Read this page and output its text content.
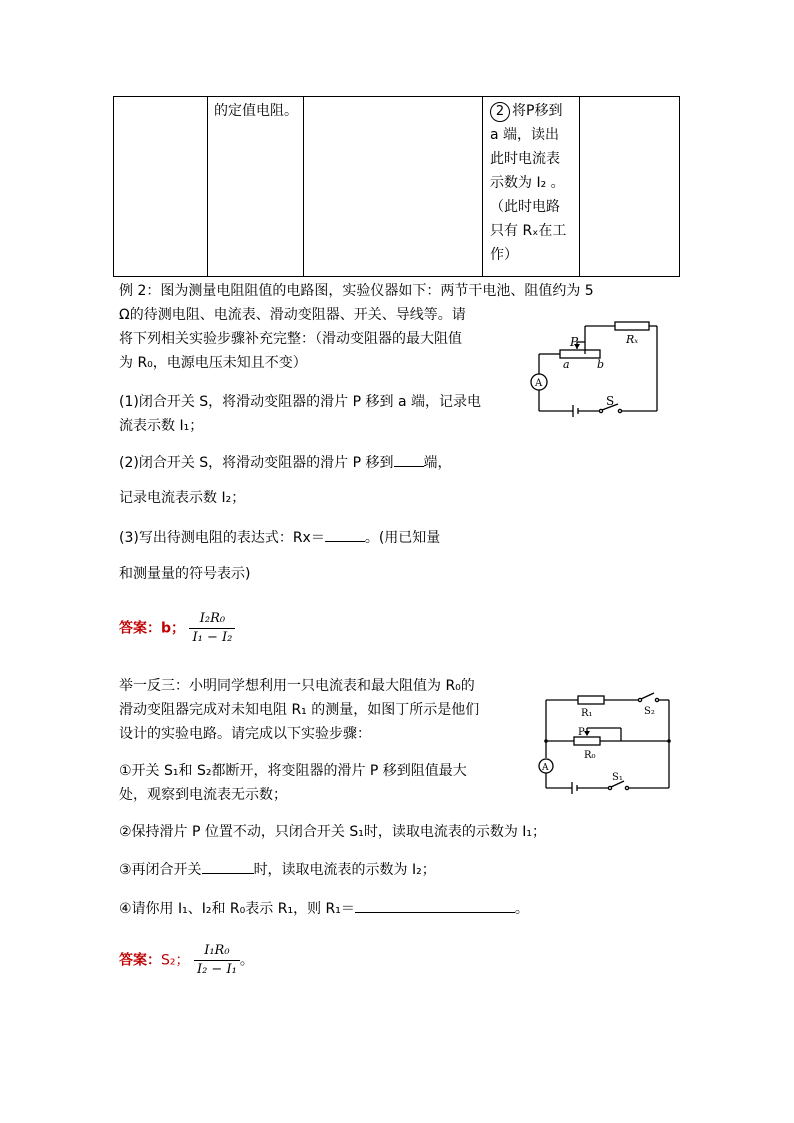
的定值电阻。	2 将P移到
a 端，读出
此时电流表
示数为 I₂ 。
（此时电路
只有 Rₓ在工
作）
例 2：图为测量电阻阻值的电路图，实验仪器如下：两节干电池、阻值约为 5
Ω的待测电阻、电流表、滑动变阻器、开关、导线等。请
将下列相关实验步骤补充完整：（滑动变阻器的最大阻值
为 R₀，电源电压未知且不变）
(1)闭合开关 S，将滑动变阻器的滑片 P 移到 a 端，记录电
流表示数 I₁；
(2)闭合开关 S，将滑动变阻器的滑片 P 移到 端，
记录电流表示数 I₂；
(3)写出待测电阻的表达式：Rx＝	。(用已知量
和测量量的符号表示)
答案：b； $\frac{\text{I₂R₀}}{\text{I₁ − I₂}}$
P
a b
Rₓ
A
S
举一反三：小明同学想利用一只电流表和最大阻值为 R₀的
滑动变阻器完成对未知电阻 R₁ 的测量，如图丁所示是他们
设计的实验电路。请完成以下实验步骤：
①开关 S₁和 S₂都断开，将变阻器的滑片 P 移到阻值最大
处，观察到电流表无示数；
②保持滑片 P 位置不动，只闭合开关 S₁时，读取电流表的示数为 I₁；
③再闭合开关	时，读取电流表的示数为 I₂；
④请你用 I₁、I₂和 R₀表示 R₁，则 R₁＝	。
答案：S₂； $\frac{\text{I₁R₀}}{\text{I₂ − I₁}}$ 。
R₁	S₂
P
R₀
A
S₁
